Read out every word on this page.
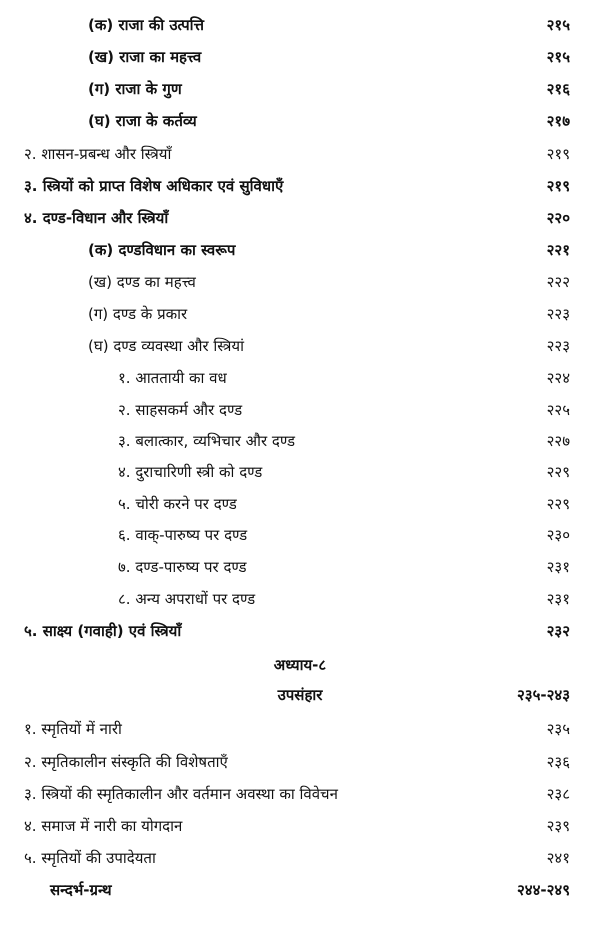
(क) राजा की उत्पत्ति	२१५
(ख) राजा का महत्त्व	२१५
(ग) राजा के गुण	२१६
(घ) राजा के कर्तव्य	२१७
२. शासन-प्रबन्ध और स्त्रियाँ	२१९
३. स्त्रियों को प्राप्त विशेष अधिकार एवं सुविधाएँ	२१९
४. दण्ड-विधान और स्त्रियाँ	२२०
(क) दण्डविधान का स्वरूप	२२१
(ख) दण्ड का महत्त्व	२२२
(ग) दण्ड के प्रकार	२२३
(घ) दण्ड व्यवस्था और स्त्रियां	२२३
१. आततायी का वध	२२४
२. साहसकर्म और दण्ड	२२५
३. बलात्कार, व्यभिचार और दण्ड	२२७
४. दुराचारिणी स्त्री को दण्ड	२२९
५. चोरी करने पर दण्ड	२२९
६. वाक्-पारुष्य पर दण्ड	२३०
७. दण्ड-पारुष्य पर दण्ड	२३१
८. अन्य अपराधों पर दण्ड	२३१
५. साक्ष्य (गवाही) एवं स्त्रियाँ	२३२
अध्याय-८
उपसंहार	२३५-२४३
१. स्मृतियों में नारी	२३५
२. स्मृतिकालीन संस्कृति की विशेषताएँ	२३६
३. स्त्रियों की स्मृतिकालीन और वर्तमान अवस्था का विवेचन	२३८
४. समाज में नारी का योगदान	२३९
५. स्मृतियों की उपादेयता	२४१
सन्दर्भ-ग्रन्थ	२४४-२४९
